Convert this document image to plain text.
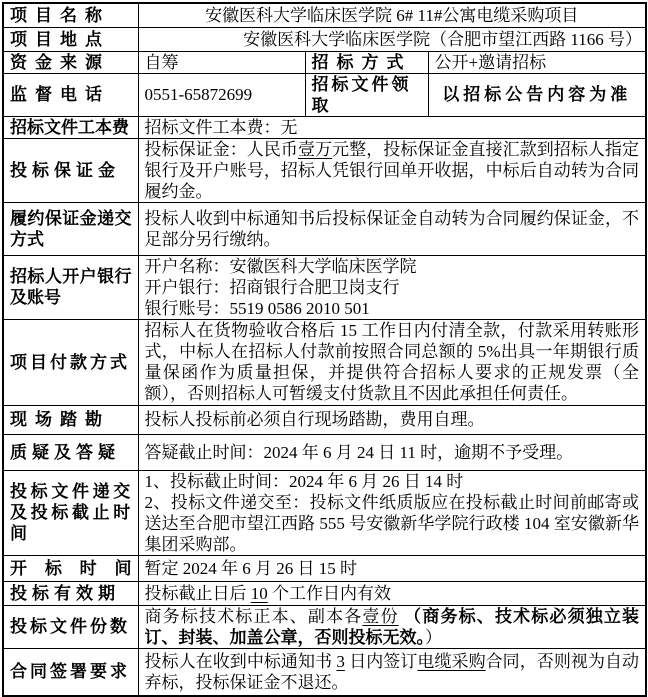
项目名称	安徽医科大学临床医学院 6# 11#公寓电缆采购项目		
项目地点	安徽医科大学临床医学院（合肥市望江西路 1166 号）		
资金来源	自筹	招标方式	公开+邀请招标
监督电话	0551-65872699	招标文件领取	以招标公告内容为准
招标文件工本费	招标文件工本费：无		
投标保证金	投标保证金：人民币壹万元整，投标保证金直接汇款到招标人指定银行及开户账号，招标人凭银行回单开收据，中标后自动转为合同履约金。		
履约保证金递交方式	投标人收到中标通知书后投标保证金自动转为合同履约保证金，不足部分另行缴纳。		
招标人开户银行及账号	开户名称：安徽医科大学临床医学院
开户银行：招商银行合肥卫岗支行
银行账号：5519 0586 2010 501		

项目付款方式	招标人在货物验收合格后 15 工作日内付清全款，付款采用转账形式，中标人在招标人付款前按照合同总额的 5%出具一年期银行质量保函作为质量担保，并提供符合招标人要求的正规发票（全额），否则招标人可暂缓支付货款且不因此承担任何责任。		
现场踏勘	投标人投标前必须自行现场踏勘，费用自理。		
质疑及答疑	答疑截止时间：2024 年 6 月 24 日 11 时，逾期不予受理。		
投标文件递交及投标截止时间	1、投标截止时间：2024 年 6 月 26 日 14 时
2、投标文件递交至：投标文件纸质版应在投标截止时间前邮寄或送达至合肥市望江西路 555 号安徽新华学院行政楼 104 室安徽新华集团采购部。		

开标时间	暂定 2024 年 6 月 26 日 15 时		
投标有效期	投标截止日后 10 个工作日内有效		
投标文件份数	商务标技术标正本、副本各壹份 （商务标、技术标必须独立装订、封装、加盖公章，否则投标无效。）		
合同签署要求	投标人在收到中标通知书 3 日内签订电缆采购合同，否则视为自动弃标，投标保证金不退还。		
